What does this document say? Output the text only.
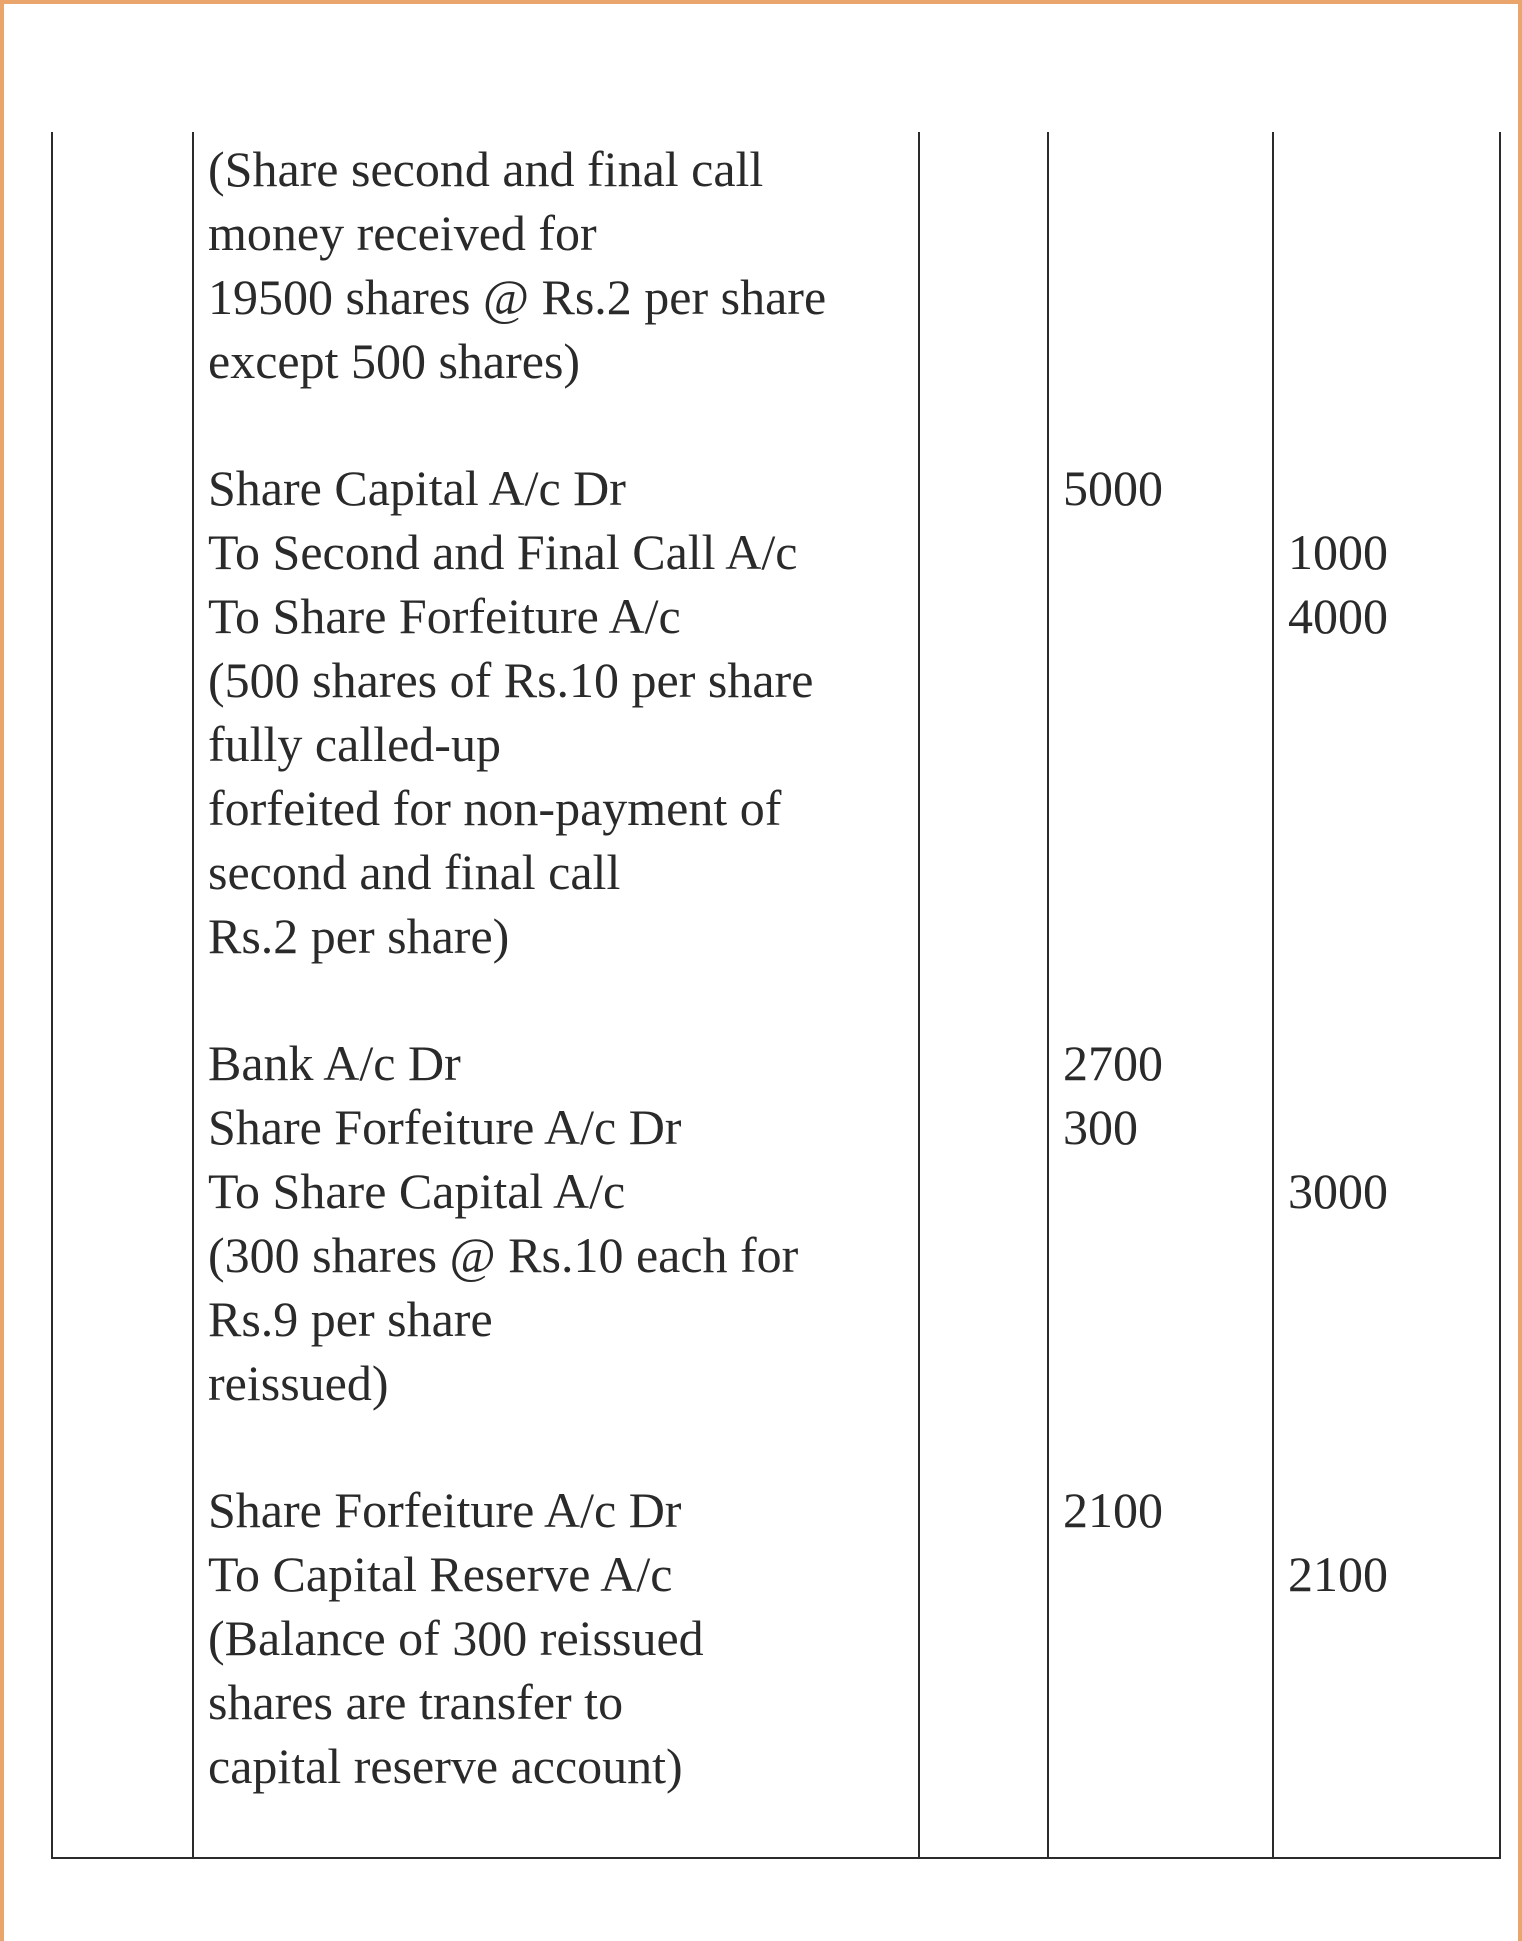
(Share second and final call
money received for
19500 shares @ Rs.2 per share
except 500 shares)
Share Capital A/c Dr
To Second and Final Call A/c
To Share Forfeiture A/c
(500 shares of Rs.10 per share
fully called-up
forfeited for non-payment of
second and final call
Rs.2 per share)
5000
1000
4000
Bank A/c Dr
Share Forfeiture A/c Dr
To Share Capital A/c
(300 shares @ Rs.10 each for
Rs.9 per share
reissued)
2700
300
3000
Share Forfeiture A/c Dr
To Capital Reserve A/c
(Balance of 300 reissued
shares are transfer to
capital reserve account)
2100
2100
